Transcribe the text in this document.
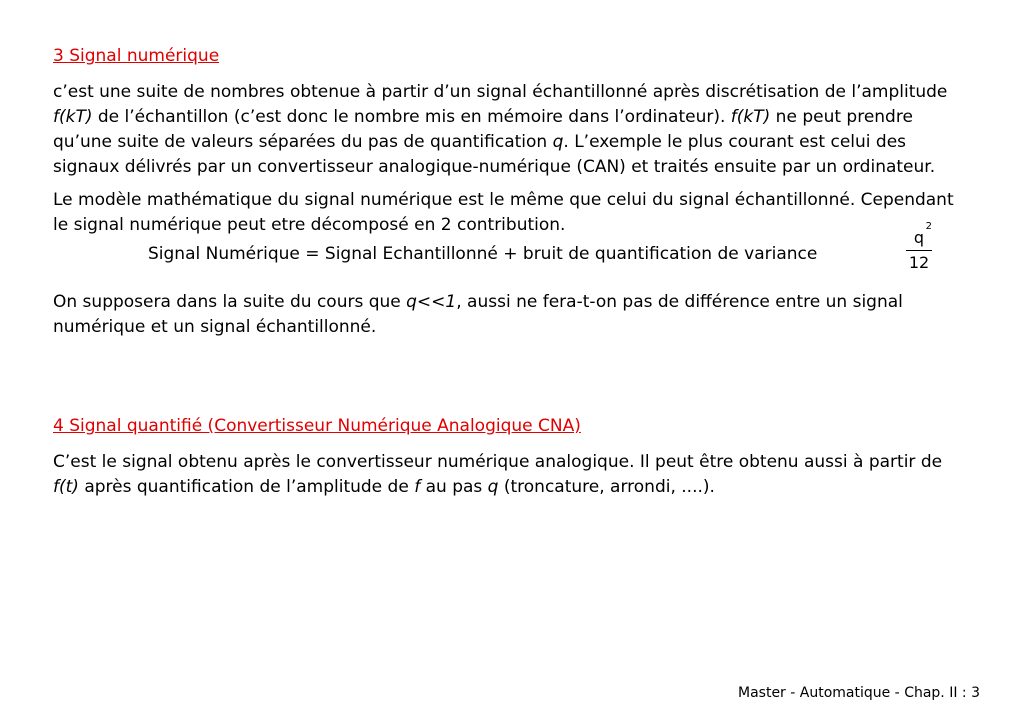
3 Signal numérique

c’est une suite de nombres obtenue à partir d’un signal échantillonné après discrétisation de l’amplitude f(kT) de l’échantillon (c’est donc le nombre mis en mémoire dans l’ordinateur). f(kT) ne peut prendre qu’une suite de valeurs séparées du pas de quantification q. L’exemple le plus courant est celui des signaux délivrés par un convertisseur analogique-numérique (CAN) et traités ensuite par un ordinateur.

Le modèle mathématique du signal numérique est le même que celui du signal échantillonné. Cependant le signal numérique peut etre décomposé en 2 contribution.

Signal Numérique = Signal Echantillonné + bruit de quantification de variance	q
2
12

On supposera dans la suite du cours que q<<1, aussi ne fera-t-on pas de différence entre un signal numérique et un signal échantillonné.

4 Signal quantifié (Convertisseur Numérique Analogique CNA)

C’est le signal obtenu après le convertisseur numérique analogique. Il peut être obtenu aussi à partir de f(t) après quantification de l’amplitude de f au pas q (troncature, arrondi, ....).

Master - Automatique - Chap. II : 3
